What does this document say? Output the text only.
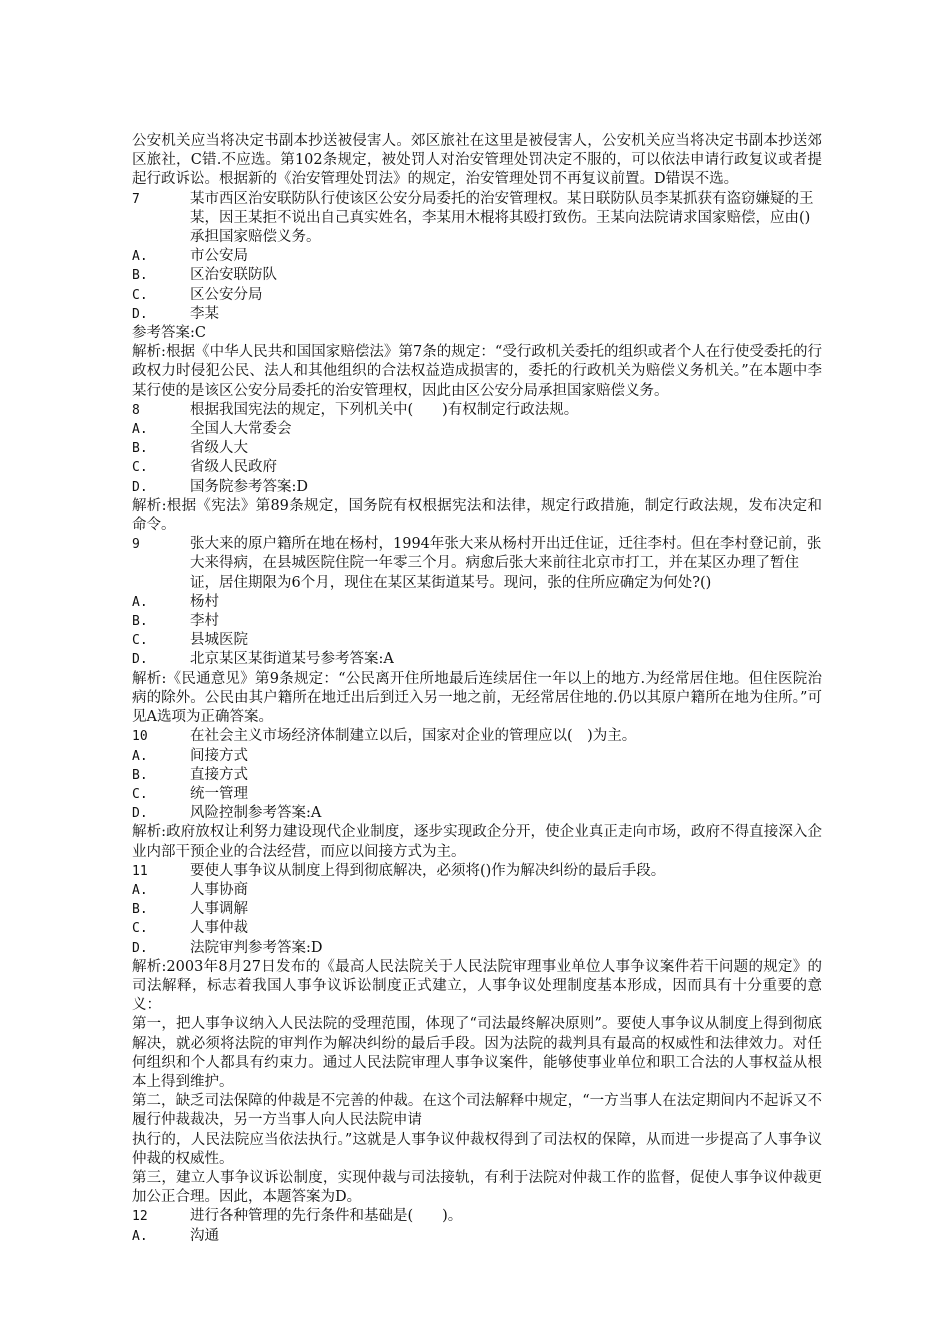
公安机关应当将决定书副本抄送被侵害人。郊区旅社在这里是被侵害人，公安机关应当将决定书副本抄送郊区旅社，C错.不应选。第102条规定，被处罚人对治安管理处罚决定不服的，可以依法申请行政复议或者提起行政诉讼。根据新的《治安管理处罚法》的规定，治安管理处罚不再复议前置。D错误不选。

7	某市西区治安联防队行使该区公安分局委托的治安管理权。某日联防队员李某抓获有盗窃嫌疑的王某，因王某拒不说出自己真实姓名，李某用木棍将其殴打致伤。王某向法院请求国家赔偿，应由()承担国家赔偿义务。
A.	市公安局
B.	区治安联防队
C.	区公安分局
D.	李某

参考答案:C

解析:根据《中华人民共和国国家赔偿法》第7条的规定：“受行政机关委托的组织或者个人在行使受委托的行政权力时侵犯公民、法人和其他组织的合法权益造成损害的，委托的行政机关为赔偿义务机关。”在本题中李某行使的是该区公安分局委托的治安管理权，因此由区公安分局承担国家赔偿义务。

8	根据我国宪法的规定，下列机关中(　　)有权制定行政法规。
A.	全国人大常委会
B.	省级人大
C.	省级人民政府
D.	国务院参考答案:D

解析:根据《宪法》第89条规定，国务院有权根据宪法和法律，规定行政措施，制定行政法规，发布决定和命令。

9	张大来的原户籍所在地在杨村，1994年张大来从杨村开出迁住证，迁往李村。但在李村登记前，张大来得病，在县城医院住院一年零三个月。病愈后张大来前往北京市打工，并在某区办理了暂住证，居住期限为6个月，现住在某区某街道某号。现问，张的住所应确定为何处?()
A.	杨村
B.	李村
C.	县城医院
D.	北京某区某街道某号参考答案:A

解析:《民通意见》第9条规定：“公民离开住所地最后连续居住一年以上的地方.为经常居住地。但住医院治病的除外。公民由其户籍所在地迁出后到迁入另一地之前，无经常居住地的.仍以其原户籍所在地为住所。”可见A选项为正确答案。

10	在社会主义市场经济体制建立以后，国家对企业的管理应以(　)为主。
A.	间接方式
B.	直接方式
C.	统一管理
D.	风险控制参考答案:A

解析:政府放权让利努力建设现代企业制度，逐步实现政企分开，使企业真正走向市场，政府不得直接深入企业内部干预企业的合法经营，而应以间接方式为主。

11	要使人事争议从制度上得到彻底解决，必须将()作为解决纠纷的最后手段。
A.	人事协商
B.	人事调解
C.	人事仲裁
D.	法院审判参考答案:D

解析:2003年8月27日发布的《最高人民法院关于人民法院审理事业单位人事争议案件若干问题的规定》的司法解释，标志着我国人事争议诉讼制度正式建立，人事争议处理制度基本形成，因而具有十分重要的意义：

第一，把人事争议纳入人民法院的受理范围，体现了“司法最终解决原则”。要使人事争议从制度上得到彻底解决，就必须将法院的审判作为解决纠纷的最后手段。因为法院的裁判具有最高的权威性和法律效力。对任何组织和个人都具有约束力。通过人民法院审理人事争议案件，能够使事业单位和职工合法的人事权益从根本上得到维护。

第二，缺乏司法保障的仲裁是不完善的仲裁。在这个司法解释中规定，“一方当事人在法定期间内不起诉又不履行仲裁裁决，另一方当事人向人民法院申请

执行的，人民法院应当依法执行。”这就是人事争议仲裁权得到了司法权的保障，从而进一步提高了人事争议仲裁的权威性。

第三，建立人事争议诉讼制度，实现仲裁与司法接轨，有利于法院对仲裁工作的监督，促使人事争议仲裁更加公正合理。因此，本题答案为D。

12	进行各种管理的先行条件和基础是(　　)。
A.	沟通
